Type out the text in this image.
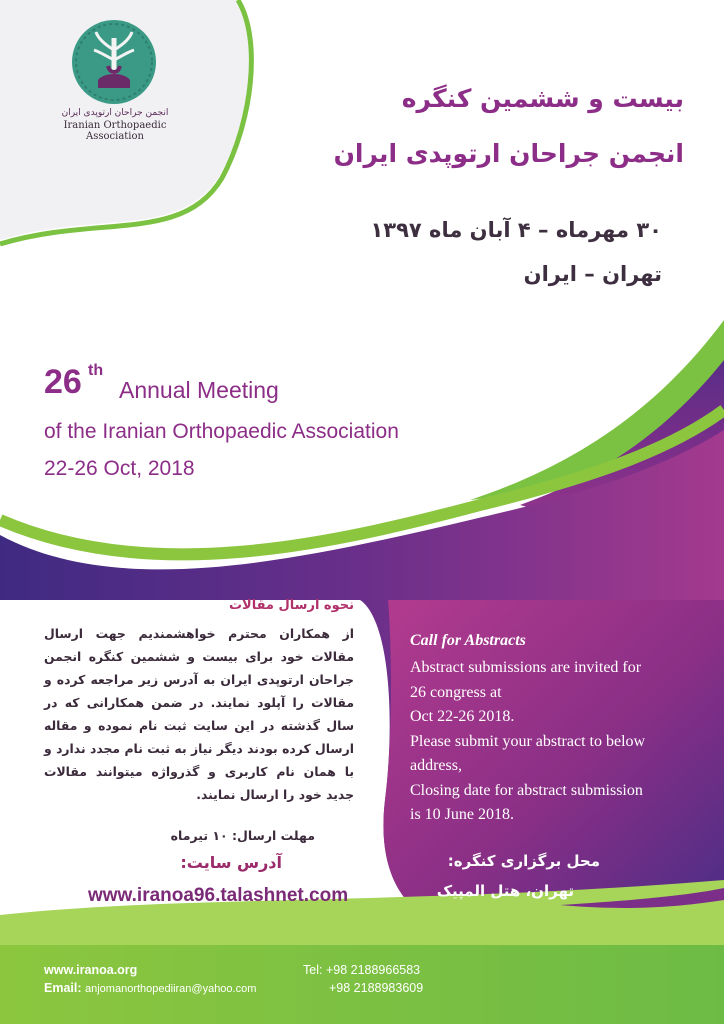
انجمن جراحان ارتوپدی ایران
Iranian Orthopaedic
Association
بیست و ششمین کنگره
انجمن جراحان ارتوپدی ایران
۳۰ مهرماه – ۴ آبان ماه ۱۳۹۷
تهران – ایران
26 th
Annual Meeting
of the Iranian Orthopaedic Association
22-26 Oct, 2018
نحوه ارسال مقالات
از همکاران محترم خواهشمندیم جهت ارسال مقالات خود برای بیست و ششمین کنگره انجمن جراحان ارتوپدی ایران به آدرس زیر مراجعه کرده و مقالات را آپلود نمایند. در ضمن همکارانی که در سال گذشته در این سایت ثبت نام نموده و مقاله ارسال کرده بودند دیگر نیاز به ثبت نام مجدد ندارد و با همان نام کاربری و گذرواژه میتوانند مقالات جدید خود را ارسال نمایند.
مهلت ارسال: ۱۰ تیرماه
آدرس سایت:
www.iranoa96.talashnet.com
Call for Abstracts
Abstract submissions are invited for
26 congress at
Oct 22-26 2018.
Please submit your abstract to below
address,
Closing date for abstract submission
is 10 June 2018.
محل برگزاری کنگره:
تهران، هتل المپیک
www.iranoa.org
Email: anjomanorthopediiran@yahoo.com
Tel: +98 2188966583
+98 2188983609
